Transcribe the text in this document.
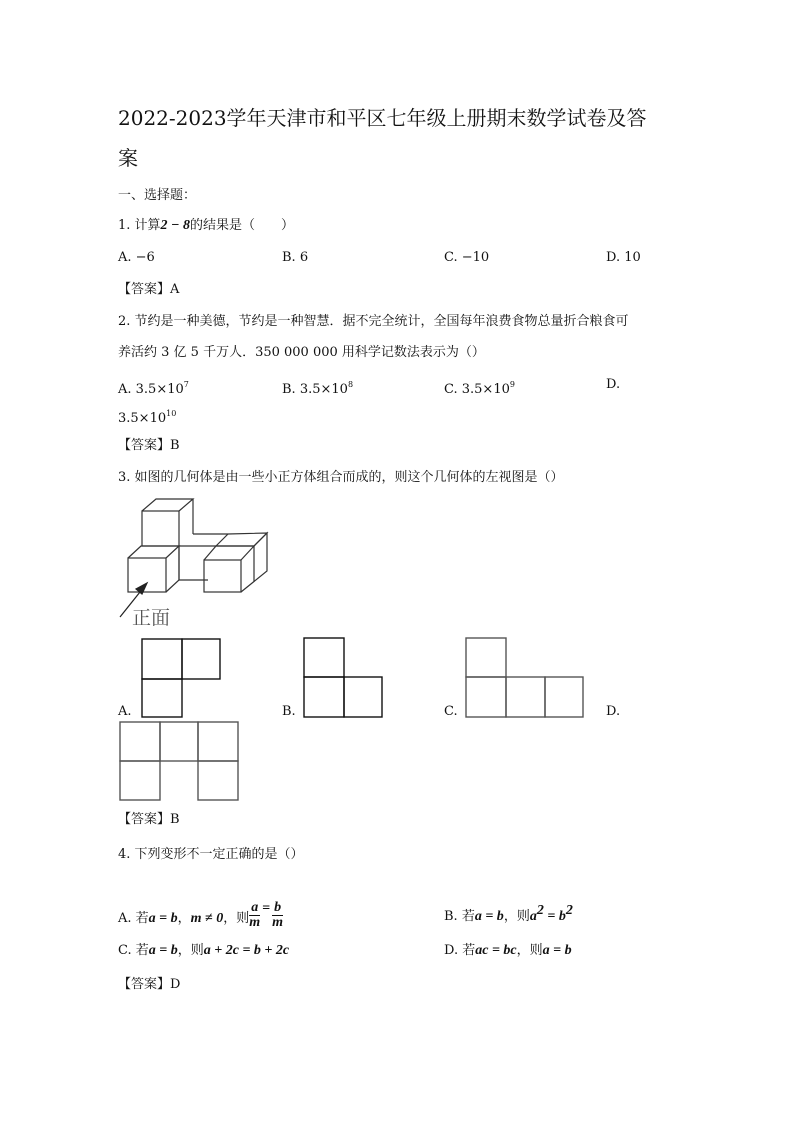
2022-2023学年天津市和平区七年级上册期末数学试卷及答
案
一、选择题：
1. 计算2 − 8的结果是（　　）
A. −6	B. 6	C. −10	D. 10
【答案】A
2. 节约是一种美德，节约是一种智慧．据不完全统计，全国每年浪费食物总量折合粮食可
养活约 3 亿 5 千万人．350 000 000 用科学记数法表示为（）
A. $3.5\times 10^7$	B. $3.5\times 10^8$	C. $3.5\times 10^9$	D.
$3.5\times 10^{10}$
【答案】B
3. 如图的几何体是由一些小正方体组合而成的，则这个几何体的左视图是（）
正面
A.	B.	C.	D.
【答案】B
4. 下列变形不一定正确的是（）
A. 若 a = b ， m ≠ 0 ，则 $\frac{a}{m} = \frac{b}{m}$	B. 若a = b，则$a^2 = b^2$
C. 若a = b，则a + 2c = b + 2c	D. 若ac = bc，则a = b
【答案】D
